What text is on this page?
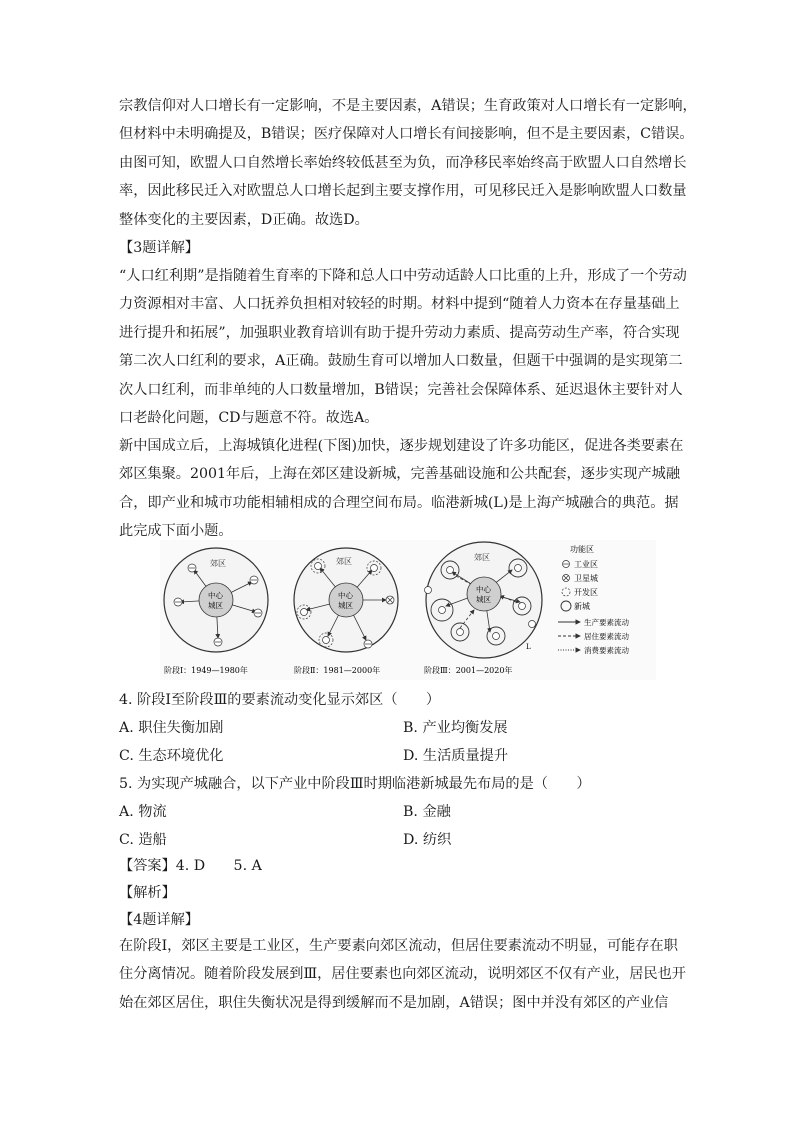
宗教信仰对人口增长有一定影响，不是主要因素，A错误；生育政策对人口增长有一定影响，
但材料中未明确提及，B错误；医疗保障对人口增长有间接影响，但不是主要因素，C错误。
由图可知，欧盟人口自然增长率始终较低甚至为负，而净移民率始终高于欧盟人口自然增长
率，因此移民迁入对欧盟总人口增长起到主要支撑作用，可见移民迁入是影响欧盟人口数量
整体变化的主要因素，D正确。故选D。
【3题详解】
“人口红利期”是指随着生育率的下降和总人口中劳动适龄人口比重的上升，形成了一个劳动
力资源相对丰富、人口抚养负担相对较轻的时期。材料中提到“随着人力资本在存量基础上
进行提升和拓展”，加强职业教育培训有助于提升劳动力素质、提高劳动生产率，符合实现
第二次人口红利的要求，A正确。鼓励生育可以增加人口数量，但题干中强调的是实现第二
次人口红利，而非单纯的人口数量增加，B错误；完善社会保障体系、延迟退休主要针对人
口老龄化问题，CD与题意不符。故选A。
新中国成立后，上海城镇化进程(下图)加快，逐步规划建设了许多功能区，促进各类要素在
郊区集聚。2001年后，上海在郊区建设新城，完善基础设施和公共配套，逐步实现产城融
合，即产业和城市功能相辅相成的合理空间布局。临港新城(L)是上海产城融合的典范。据
此完成下面小题。
郊区
中心
城区
阶段Ⅰ：1949—1980年
郊区
中心
城区
阶段Ⅱ：1981—2000年
郊区
中心
城区
L
阶段Ⅲ：2001—2020年
功能区
工业区
卫星城
开发区
新城
生产要素流动
居住要素流动
消费要素流动
4. 阶段Ⅰ至阶段Ⅲ的要素流动变化显示郊区（　　）
A. 职住失衡加剧	B. 产业均衡发展
C. 生态环境优化	D. 生活质量提升
5. 为实现产城融合，以下产业中阶段Ⅲ时期临港新城最先布局的是（　　）
A. 物流	B. 金融
C. 造船	D. 纺织
【答案】4. D　　5. A
【解析】
【4题详解】
在阶段Ⅰ，郊区主要是工业区，生产要素向郊区流动，但居住要素流动不明显，可能存在职
住分离情况。随着阶段发展到Ⅲ，居住要素也向郊区流动，说明郊区不仅有产业，居民也开
始在郊区居住，职住失衡状况是得到缓解而不是加剧，A错误；图中并没有郊区的产业信
